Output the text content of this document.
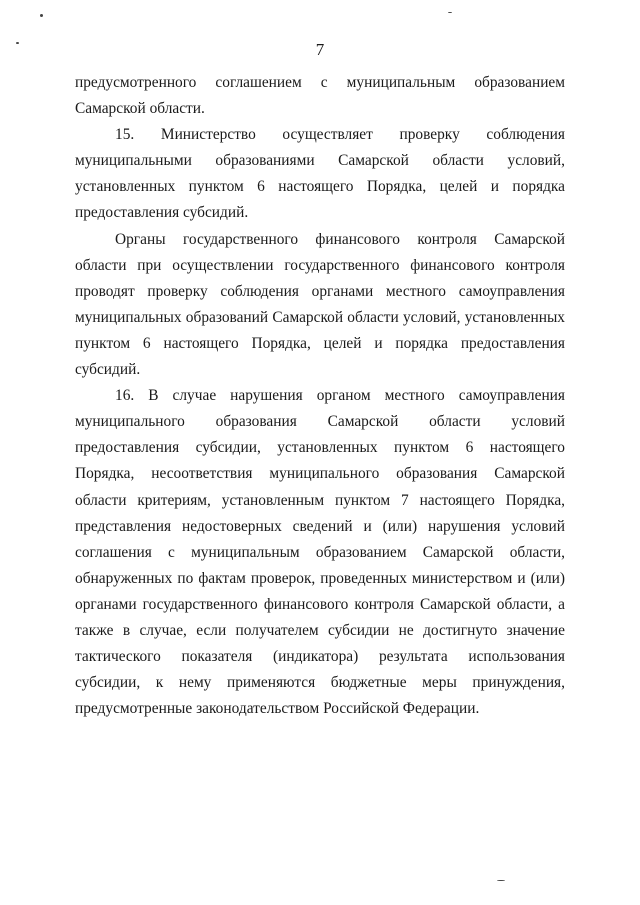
7

предусмотренного соглашением с муниципальным образованием Самарской области.

15. Министерство осуществляет проверку соблюдения муниципальными образованиями Самарской области условий, установленных пунктом 6 настоящего Порядка, целей и порядка предоставления субсидий.

Органы государственного финансового контроля Самарской области при осуществлении государственного финансового контроля проводят проверку соблюдения органами местного самоуправления муниципальных образований Самарской области условий, установленных пунктом 6 настоящего Порядка, целей и порядка предоставления субсидий.

16. В случае нарушения органом местного самоуправления муниципального образования Самарской области условий предоставления субсидии, установленных пунктом 6 настоящего Порядка, несоответствия муниципального образования Самарской области критериям, установленным пунктом 7 настоящего Порядка, представления недостоверных сведений и (или) нарушения условий соглашения с муниципальным образованием Самарской области, обнаруженных по фактам проверок, проведенных министерством и (или) органами государственного финансового контроля Самарской области, а также в случае, если получателем субсидии не достигнуто значение тактического показателя (индикатора) результата использования субсидии, к нему применяются бюджетные меры принуждения, предусмотренные законодательством Российской Федерации.
